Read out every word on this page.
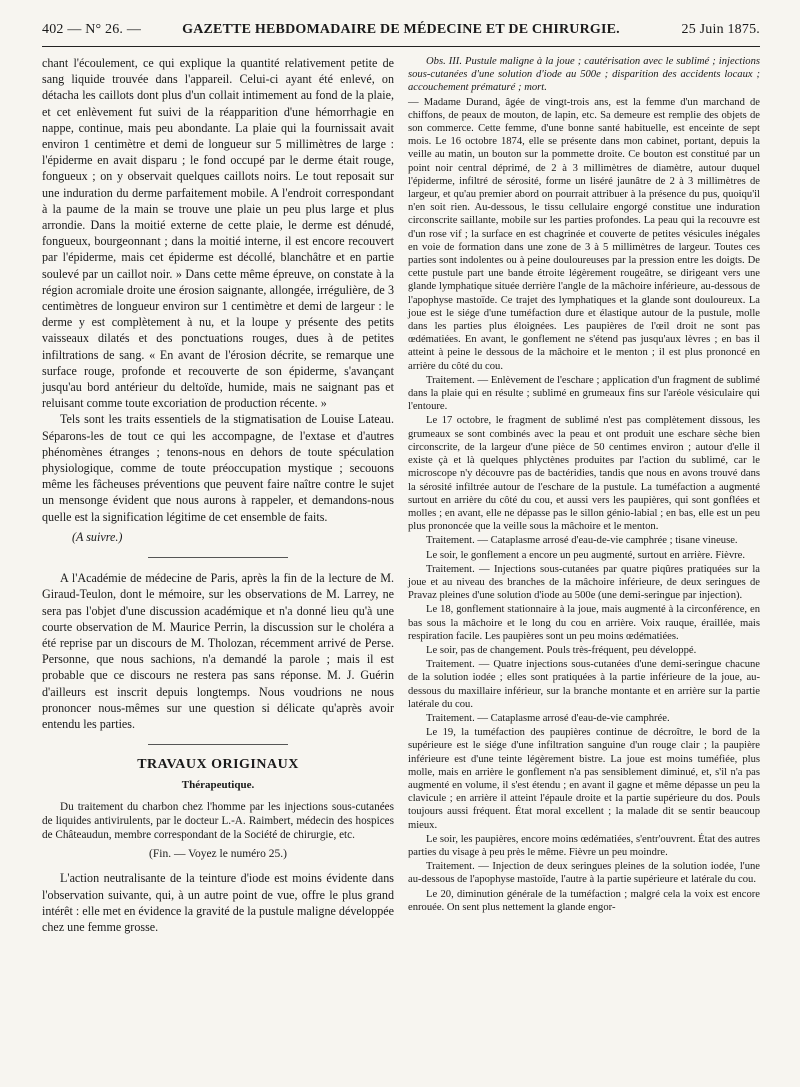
402 — N° 26. —	GAZETTE HEBDOMADAIRE DE MÉDECINE ET DE CHIRURGIE.	25 Juin 1875.

chant l'écoulement, ce qui explique la quantité relativement petite de sang liquide trouvée dans l'appareil. Celui-ci ayant été enlevé, on détacha les caillots dont plus d'un collait intimement au fond de la plaie, et cet enlèvement fut suivi de la réapparition d'une hémorrhagie en nappe, continue, mais peu abondante. La plaie qui la fournissait avait environ 1 centimètre et demi de longueur sur 5 millimètres de large : l'épiderme en avait disparu ; le fond occupé par le derme était rouge, fongueux ; on y observait quelques caillots noirs. Le tout reposait sur une induration du derme parfaitement mobile. A l'endroit correspondant à la paume de la main se trouve une plaie un peu plus large et plus arrondie. Dans la moitié externe de cette plaie, le derme est dénudé, fongueux, bourgeonnant ; dans la moitié interne, il est encore recouvert par l'épiderme, mais cet épiderme est décollé, blanchâtre et en partie soulevé par un caillot noir. » Dans cette même épreuve, on constate à la région acromiale droite une érosion saignante, allongée, irrégulière, de 3 centimètres de longueur environ sur 1 centimètre et demi de largeur : le derme y est complètement à nu, et la loupe y présente des petits vaisseaux dilatés et des ponctuations rouges, dues à de petites infiltrations de sang. « En avant de l'érosion décrite, se remarque une surface rouge, profonde et recouverte de son épiderme, s'avançant jusqu'au bord antérieur du deltoïde, humide, mais ne saignant pas et reluisant comme toute excoriation de production récente. »

Tels sont les traits essentiels de la stigmatisation de Louise Lateau. Séparons-les de tout ce qui les accompagne, de l'extase et d'autres phénomènes étranges ; tenons-nous en dehors de toute spéculation physiologique, comme de toute préoccupation mystique ; secouons même les fâcheuses préventions que peuvent faire naître contre le sujet un mensonge évident que nous aurons à rappeler, et demandons-nous quelle est la signification légitime de cet ensemble de faits.

(A suivre.)

A l'Académie de médecine de Paris, après la fin de la lecture de M. Giraud-Teulon, dont le mémoire, sur les observations de M. Larrey, ne sera pas l'objet d'une discussion académique et n'a donné lieu qu'à une courte observation de M. Maurice Perrin, la discussion sur le choléra a été reprise par un discours de M. Tholozan, récemment arrivé de Perse. Personne, que nous sachions, n'a demandé la parole ; mais il est probable que ce discours ne restera pas sans réponse. M. J. Guérin d'ailleurs est inscrit depuis longtemps. Nous voudrions ne nous prononcer nous-mêmes sur une question si délicate qu'après avoir entendu les parties.

TRAVAUX ORIGINAUX

Thérapeutique.

Du traitement du charbon chez l'homme par les injections sous-cutanées de liquides antivirulents, par le docteur L.-A. Raimbert, médecin des hospices de Châteaudun, membre correspondant de la Société de chirurgie, etc.

(Fin. — Voyez le numéro 25.)

L'action neutralisante de la teinture d'iode est moins évidente dans l'observation suivante, qui, à un autre point de vue, offre le plus grand intérêt : elle met en évidence la gravité de la pustule maligne développée chez une femme grosse.

Obs. III. Pustule maligne à la joue ; cautérisation avec le sublimé ; injections sous-cutanées d'une solution d'iode au 500e ; disparition des accidents locaux ; accouchement prématuré ; mort.

— Madame Durand, âgée de vingt-trois ans, est la femme d'un marchand de chiffons, de peaux de mouton, de lapin, etc. Sa demeure est remplie des objets de son commerce. Cette femme, d'une bonne santé habituelle, est enceinte de sept mois. Le 16 octobre 1874, elle se présente dans mon cabinet, portant, depuis la veille au matin, un bouton sur la pommette droite. Ce bouton est constitué par un point noir central déprimé, de 2 à 3 millimètres de diamètre, autour duquel l'épiderme, infiltré de sérosité, forme un liséré jaunâtre de 2 à 3 millimètres de largeur, et qu'au premier abord on pourrait attribuer à la présence du pus, quoiqu'il n'en soit rien. Au-dessous, le tissu cellulaire engorgé constitue une induration circonscrite saillante, mobile sur les parties profondes. La peau qui la recouvre est d'un rose vif ; la surface en est chagrinée et couverte de petites vésicules inégales en voie de formation dans une zone de 3 à 5 millimètres de largeur. Toutes ces parties sont indolentes ou à peine douloureuses par la pression entre les doigts. De cette pustule part une bande étroite légèrement rougeâtre, se dirigeant vers une glande lymphatique située derrière l'angle de la mâchoire inférieure, au-dessous de l'apophyse mastoïde. Ce trajet des lymphatiques et la glande sont douloureux. La joue est le siége d'une tuméfaction dure et élastique autour de la pustule, molle dans les parties plus éloignées. Les paupières de l'œil droit ne sont pas œdématiées. En avant, le gonflement ne s'étend pas jusqu'aux lèvres ; en bas il atteint à peine le dessous de la mâchoire et le menton ; il est plus prononcé en arrière du côté du cou.

Traitement. — Enlèvement de l'eschare ; application d'un fragment de sublimé dans la plaie qui en résulte ; sublimé en grumeaux fins sur l'aréole vésiculaire qui l'entoure.

Le 17 octobre, le fragment de sublimé n'est pas complètement dissous, les grumeaux se sont combinés avec la peau et ont produit une eschare sèche bien circonscrite, de la largeur d'une pièce de 50 centimes environ ; autour d'elle il existe çà et là quelques phlyctènes produites par l'action du sublimé, car le microscope n'y découvre pas de bactéridies, tandis que nous en avons trouvé dans la sérosité infiltrée autour de l'eschare de la pustule. La tuméfaction a augmenté surtout en arrière du côté du cou, et aussi vers les paupières, qui sont gonflées et molles ; en avant, elle ne dépasse pas le sillon génio-labial ; en bas, elle est un peu plus prononcée que la veille sous la mâchoire et le menton.

Traitement. — Cataplasme arrosé d'eau-de-vie camphrée ; tisane vineuse.

Le soir, le gonflement a encore un peu augmenté, surtout en arrière. Fièvre.

Traitement. — Injections sous-cutanées par quatre piqûres pratiquées sur la joue et au niveau des branches de la mâchoire inférieure, de deux seringues de Pravaz pleines d'une solution d'iode au 500e (une demi-seringue par injection).

Le 18, gonflement stationnaire à la joue, mais augmenté à la circonférence, en bas sous la mâchoire et le long du cou en arrière. Voix rauque, éraillée, mais respiration facile. Les paupières sont un peu moins œdématiées.

Le soir, pas de changement. Pouls très-fréquent, peu développé.

Traitement. — Quatre injections sous-cutanées d'une demi-seringue chacune de la solution iodée ; elles sont pratiquées à la partie inférieure de la joue, au-dessous du maxillaire inférieur, sur la branche montante et en arrière sur la partie latérale du cou.

Traitement. — Cataplasme arrosé d'eau-de-vie camphrée.

Le 19, la tuméfaction des paupières continue de décroître, le bord de la supérieure est le siége d'une infiltration sanguine d'un rouge clair ; la paupière inférieure est d'une teinte légèrement bistre. La joue est moins tuméfiée, plus molle, mais en arrière le gonflement n'a pas sensiblement diminué, et, s'il n'a pas augmenté en volume, il s'est étendu ; en avant il gagne et même dépasse un peu la clavicule ; en arrière il atteint l'épaule droite et la partie supérieure du dos. Pouls toujours aussi fréquent. État moral excellent ; la malade dit se sentir beaucoup mieux.

Le soir, les paupières, encore moins œdématiées, s'entr'ouvrent. État des autres parties du visage à peu près le même. Fièvre un peu moindre.

Traitement. — Injection de deux seringues pleines de la solution iodée, l'une au-dessous de l'apophyse mastoïde, l'autre à la partie supérieure et latérale du cou.

Le 20, diminution générale de la tuméfaction ; malgré cela la voix est encore enrouée. On sent plus nettement la glande engor-
